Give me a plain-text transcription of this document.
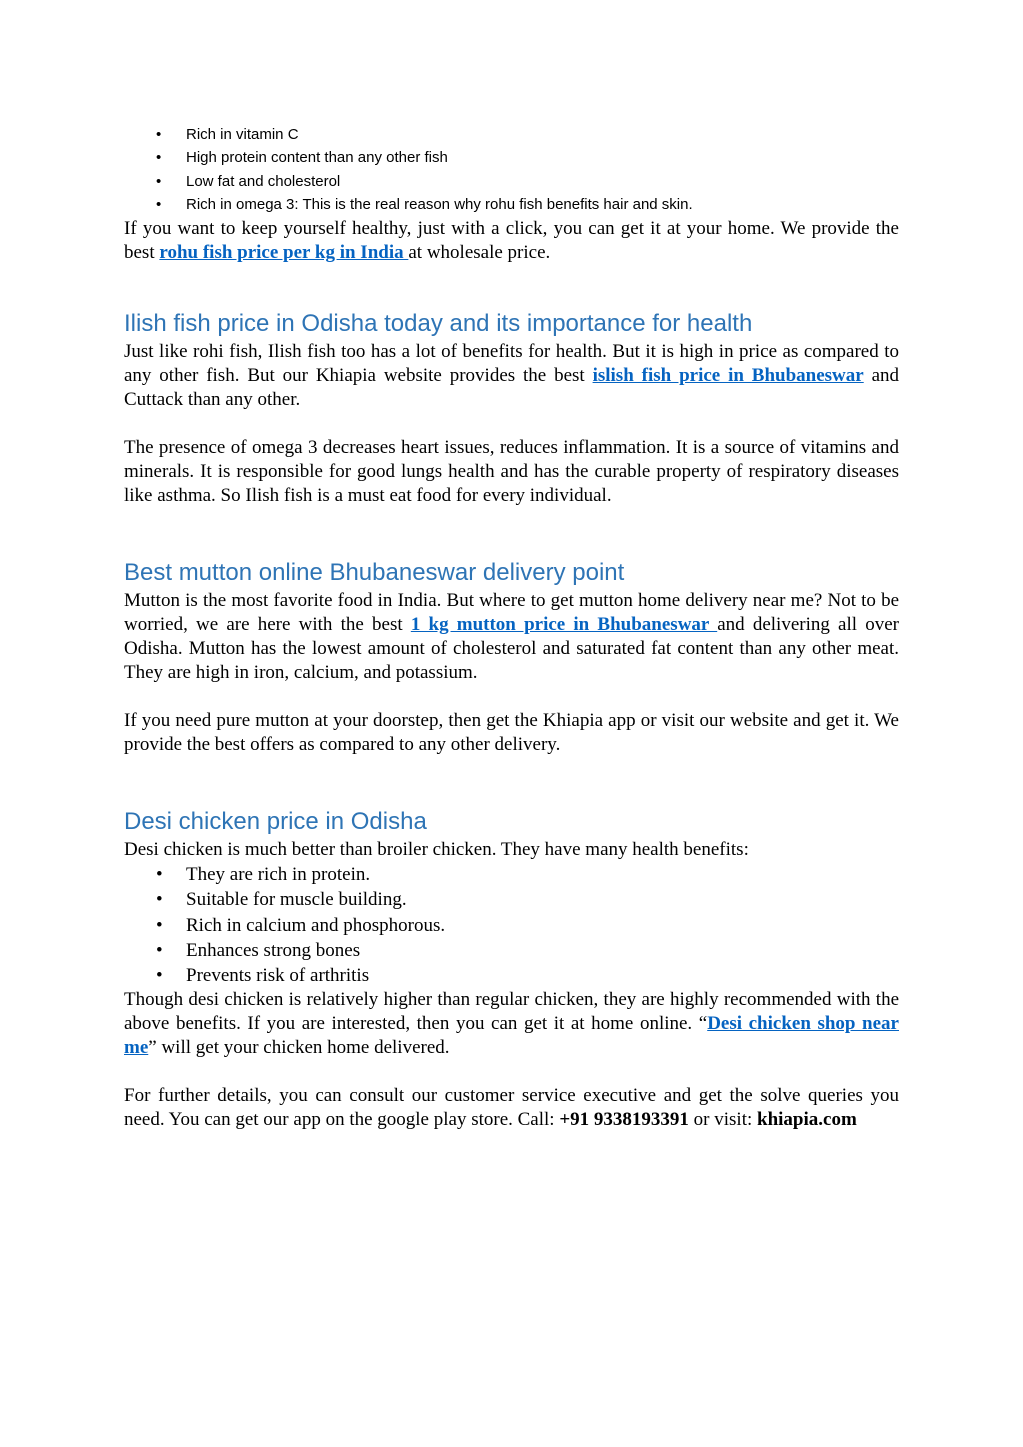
• Rich in vitamin C
• High protein content than any other fish
• Low fat and cholesterol
• Rich in omega 3: This is the real reason why rohu fish benefits hair and skin.

If you want to keep yourself healthy, just with a click, you can get it at your home. We provide the best rohu fish price per kg in India at wholesale price.

Ilish fish price in Odisha today and its importance for health

Just like rohi fish, Ilish fish too has a lot of benefits for health. But it is high in price as compared to any other fish. But our Khiapia website provides the best islish fish price in Bhubaneswar and Cuttack than any other.

The presence of omega 3 decreases heart issues, reduces inflammation. It is a source of vitamins and minerals. It is responsible for good lungs health and has the curable property of respiratory diseases like asthma. So Ilish fish is a must eat food for every individual.

Best mutton online Bhubaneswar delivery point

Mutton is the most favorite food in India. But where to get mutton home delivery near me? Not to be worried, we are here with the best 1 kg mutton price in Bhubaneswar and delivering all over Odisha. Mutton has the lowest amount of cholesterol and saturated fat content than any other meat. They are high in iron, calcium, and potassium.

If you need pure mutton at your doorstep, then get the Khiapia app or visit our website and get it. We provide the best offers as compared to any other delivery.

Desi chicken price in Odisha

Desi chicken is much better than broiler chicken. They have many health benefits:

• They are rich in protein.
• Suitable for muscle building.
• Rich in calcium and phosphorous.
• Enhances strong bones
• Prevents risk of arthritis

Though desi chicken is relatively higher than regular chicken, they are highly recommended with the above benefits. If you are interested, then you can get it at home online. “Desi chicken shop near me” will get your chicken home delivered.

For further details, you can consult our customer service executive and get the solve queries you need. You can get our app on the google play store. Call: +91 9338193391 or visit: khiapia.com
